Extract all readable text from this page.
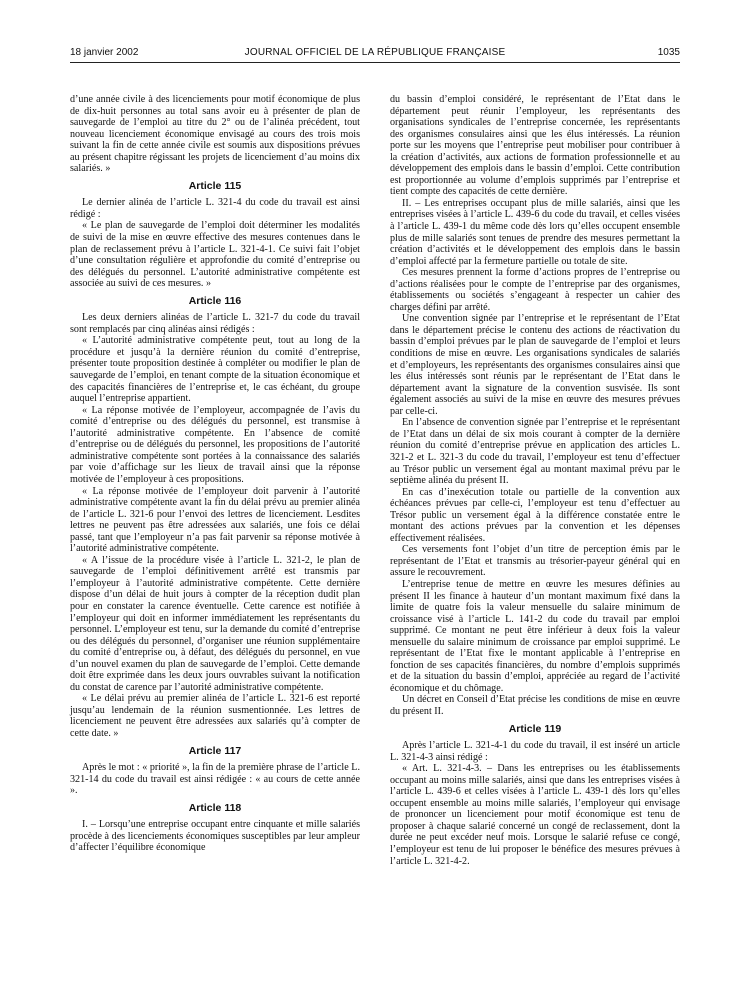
18 janvier 2002	JOURNAL OFFICIEL DE LA RÉPUBLIQUE FRANÇAISE	1035

d’une année civile à des licenciements pour motif économique de plus de dix-huit personnes au total sans avoir eu à présenter de plan de sauvegarde de l’emploi au titre du 2° ou de l’alinéa précédent, tout nouveau licenciement économique envisagé au cours des trois mois suivant la fin de cette année civile est soumis aux dispositions prévues au présent chapitre régissant les projets de licenciement d’au moins dix salariés. »

Article 115

Le dernier alinéa de l’article L. 321-4 du code du travail est ainsi rédigé :

« Le plan de sauvegarde de l’emploi doit déterminer les modalités de suivi de la mise en œuvre effective des mesures contenues dans le plan de reclassement prévu à l’article L. 321-4-1. Ce suivi fait l’objet d’une consultation régulière et approfondie du comité d’entreprise ou des délégués du personnel. L’autorité administrative compétente est associée au suivi de ces mesures. »

Article 116

Les deux derniers alinéas de l’article L. 321-7 du code du travail sont remplacés par cinq alinéas ainsi rédigés :

« L’autorité administrative compétente peut, tout au long de la procédure et jusqu’à la dernière réunion du comité d’entreprise, présenter toute proposition destinée à compléter ou modifier le plan de sauvegarde de l’emploi, en tenant compte de la situation économique et des capacités financières de l’entreprise et, le cas échéant, du groupe auquel l’entreprise appartient.

« La réponse motivée de l’employeur, accompagnée de l’avis du comité d’entreprise ou des délégués du personnel, est transmise à l’autorité administrative compétente. En l’absence de comité d’entreprise ou de délégués du personnel, les propositions de l’autorité administrative compétente sont portées à la connaissance des salariés par voie d’affichage sur les lieux de travail ainsi que la réponse motivée de l’employeur à ces propositions.

« La réponse motivée de l’employeur doit parvenir à l’autorité administrative compétente avant la fin du délai prévu au premier alinéa de l’article L. 321-6 pour l’envoi des lettres de licenciement. Lesdites lettres ne peuvent pas être adressées aux salariés, une fois ce délai passé, tant que l’employeur n’a pas fait parvenir sa réponse motivée à l’autorité administrative compétente.

« A l’issue de la procédure visée à l’article L. 321-2, le plan de sauvegarde de l’emploi définitivement arrêté est transmis par l’employeur à l’autorité administrative compétente. Cette dernière dispose d’un délai de huit jours à compter de la réception dudit plan pour en constater la carence éventuelle. Cette carence est notifiée à l’employeur qui doit en informer immédiatement les représentants du personnel. L’employeur est tenu, sur la demande du comité d’entreprise ou des délégués du personnel, d’organiser une réunion supplémentaire du comité d’entreprise ou, à défaut, des délégués du personnel, en vue d’un nouvel examen du plan de sauvegarde de l’emploi. Cette demande doit être exprimée dans les deux jours ouvrables suivant la notification du constat de carence par l’autorité administrative compétente.

« Le délai prévu au premier alinéa de l’article L. 321-6 est reporté jusqu’au lendemain de la réunion susmentionnée. Les lettres de licenciement ne peuvent être adressées aux salariés qu’à compter de cette date. »

Article 117

Après le mot : « priorité », la fin de la première phrase de l’article L. 321-14 du code du travail est ainsi rédigée : « au cours de cette année ».

Article 118

I. – Lorsqu’une entreprise occupant entre cinquante et mille salariés procède à des licenciements économiques susceptibles par leur ampleur d’affecter l’équilibre économique

du bassin d’emploi considéré, le représentant de l’Etat dans le département peut réunir l’employeur, les représentants des organisations syndicales de l’entreprise concernée, les représentants des organismes consulaires ainsi que les élus intéressés. La réunion porte sur les moyens que l’entreprise peut mobiliser pour contribuer à la création d’activités, aux actions de formation professionnelle et au développement des emplois dans le bassin d’emploi. Cette contribution est proportionnée au volume d’emplois supprimés par l’entreprise et tient compte des capacités de cette dernière.

II. – Les entreprises occupant plus de mille salariés, ainsi que les entreprises visées à l’article L. 439-6 du code du travail, et celles visées à l’article L. 439-1 du même code dès lors qu’elles occupent ensemble plus de mille salariés sont tenues de prendre des mesures permettant la création d’activités et le développement des emplois dans le bassin d’emploi affecté par la fermeture partielle ou totale de site.

Ces mesures prennent la forme d’actions propres de l’entreprise ou d’actions réalisées pour le compte de l’entreprise par des organismes, établissements ou sociétés s’engageant à respecter un cahier des charges défini par arrêté.

Une convention signée par l’entreprise et le représentant de l’Etat dans le département précise le contenu des actions de réactivation du bassin d’emploi prévues par le plan de sauvegarde de l’emploi et leurs conditions de mise en œuvre. Les organisations syndicales de salariés et d’employeurs, les représentants des organismes consulaires ainsi que les élus intéressés sont réunis par le représentant de l’Etat dans le département avant la signature de la convention susvisée. Ils sont également associés au suivi de la mise en œuvre des mesures prévues par celle-ci.

En l’absence de convention signée par l’entreprise et le représentant de l’Etat dans un délai de six mois courant à compter de la dernière réunion du comité d’entreprise prévue en application des articles L. 321-2 et L. 321-3 du code du travail, l’employeur est tenu d’effectuer au Trésor public un versement égal au montant maximal prévu par le septième alinéa du présent II.

En cas d’inexécution totale ou partielle de la convention aux échéances prévues par celle-ci, l’employeur est tenu d’effectuer au Trésor public un versement égal à la différence constatée entre le montant des actions prévues par la convention et les dépenses effectivement réalisées.

Ces versements font l’objet d’un titre de perception émis par le représentant de l’Etat et transmis au trésorier-payeur général qui en assure le recouvrement.

L’entreprise tenue de mettre en œuvre les mesures définies au présent II les finance à hauteur d’un montant maximum fixé dans la limite de quatre fois la valeur mensuelle du salaire minimum de croissance visé à l’article L. 141-2 du code du travail par emploi supprimé. Ce montant ne peut être inférieur à deux fois la valeur mensuelle du salaire minimum de croissance par emploi supprimé. Le représentant de l’Etat fixe le montant applicable à l’entreprise en fonction de ses capacités financières, du nombre d’emplois supprimés et de la situation du bassin d’emploi, appréciée au regard de l’activité économique et du chômage.

Un décret en Conseil d’Etat précise les conditions de mise en œuvre du présent II.

Article 119

Après l’article L. 321-4-1 du code du travail, il est inséré un article L. 321-4-3 ainsi rédigé :

« Art. L. 321-4-3. – Dans les entreprises ou les établissements occupant au moins mille salariés, ainsi que dans les entreprises visées à l’article L. 439-6 et celles visées à l’article L. 439-1 dès lors qu’elles occupent ensemble au moins mille salariés, l’employeur qui envisage de prononcer un licenciement pour motif économique est tenu de proposer à chaque salarié concerné un congé de reclassement, dont la durée ne peut excéder neuf mois. Lorsque le salarié refuse ce congé, l’employeur est tenu de lui proposer le bénéfice des mesures prévues à l’article L. 321-4-2.
